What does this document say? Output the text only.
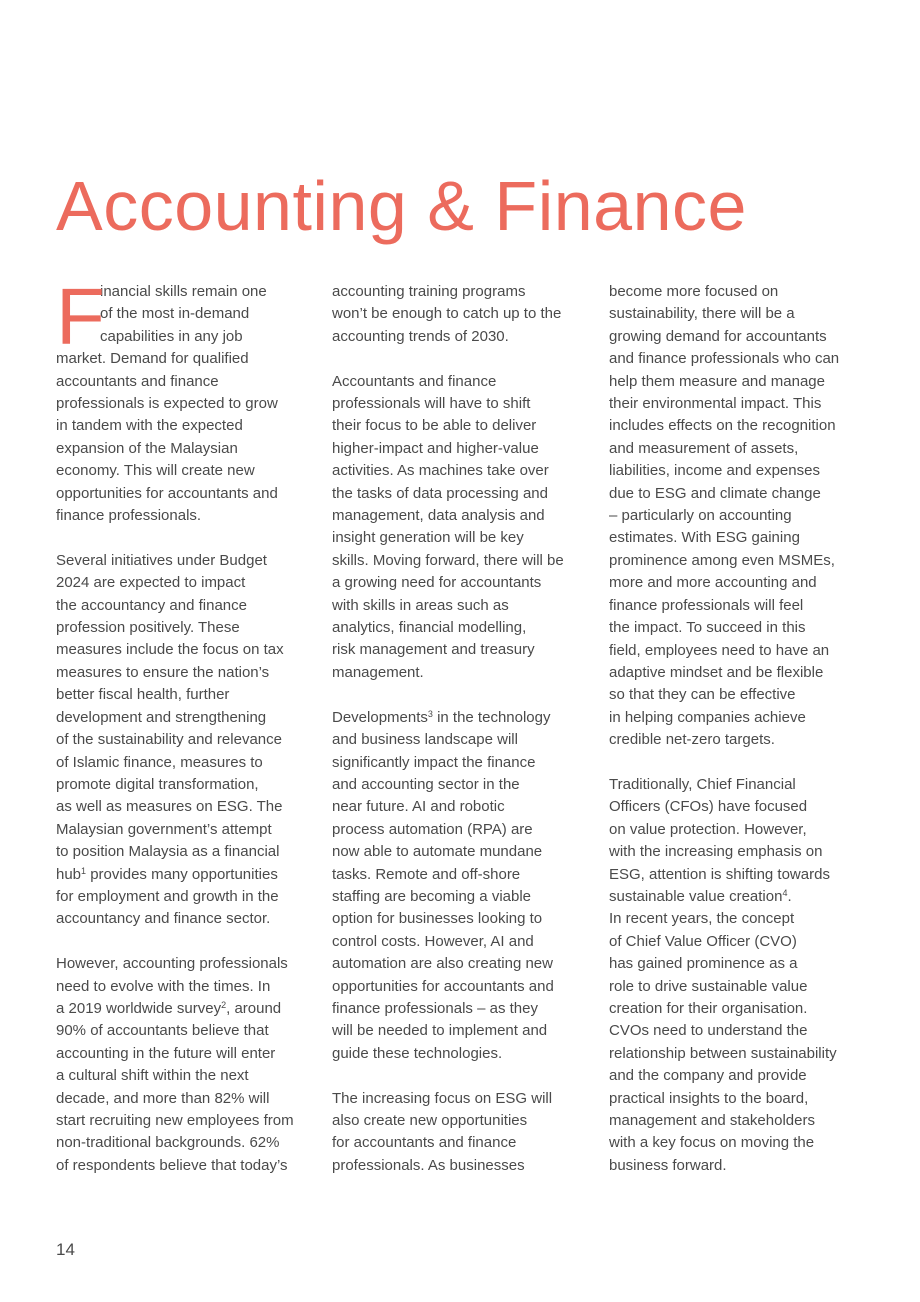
Accounting & Finance

F
inancial skills remain one
of the most in-demand
capabilities in any job
market. Demand for qualified
accountants and finance
professionals is expected to grow
in tandem with the expected
expansion of the Malaysian
economy. This will create new
opportunities for accountants and
finance professionals.

Several initiatives under Budget
2024 are expected to impact
the accountancy and finance
profession positively. These
measures include the focus on tax
measures to ensure the nation’s
better fiscal health, further
development and strengthening
of the sustainability and relevance
of Islamic finance, measures to
promote digital transformation,
as well as measures on ESG. The
Malaysian government’s attempt
to position Malaysia as a financial
hub$^1$ provides many opportunities
for employment and growth in the
accountancy and finance sector.

However, accounting professionals
need to evolve with the times. In
a 2019 worldwide survey$^2$, around
90% of accountants believe that
accounting in the future will enter
a cultural shift within the next
decade, and more than 82% will
start recruiting new employees from
non-traditional backgrounds. 62%
of respondents believe that today’s

accounting training programs
won’t be enough to catch up to the
accounting trends of 2030.

Accountants and finance
professionals will have to shift
their focus to be able to deliver
higher-impact and higher-value
activities. As machines take over
the tasks of data processing and
management, data analysis and
insight generation will be key
skills. Moving forward, there will be
a growing need for accountants
with skills in areas such as
analytics, financial modelling,
risk management and treasury
management.

Developments$^3$ in the technology
and business landscape will
significantly impact the finance
and accounting sector in the
near future. AI and robotic
process automation (RPA) are
now able to automate mundane
tasks. Remote and off-shore
staffing are becoming a viable
option for businesses looking to
control costs. However, AI and
automation are also creating new
opportunities for accountants and
finance professionals – as they
will be needed to implement and
guide these technologies.

The increasing focus on ESG will
also create new opportunities
for accountants and finance
professionals. As businesses

become more focused on
sustainability, there will be a
growing demand for accountants
and finance professionals who can
help them measure and manage
their environmental impact. This
includes effects on the recognition
and measurement of assets,
liabilities, income and expenses
due to ESG and climate change
– particularly on accounting
estimates. With ESG gaining
prominence among even MSMEs,
more and more accounting and
finance professionals will feel
the impact. To succeed in this
field, employees need to have an
adaptive mindset and be flexible
so that they can be effective
in helping companies achieve
credible net-zero targets.

Traditionally, Chief Financial
Officers (CFOs) have focused
on value protection. However,
with the increasing emphasis on
ESG, attention is shifting towards
sustainable value creation$^4$.
In recent years, the concept
of Chief Value Officer (CVO)
has gained prominence as a
role to drive sustainable value
creation for their organisation.
CVOs need to understand the
relationship between sustainability
and the company and provide
practical insights to the board,
management and stakeholders
with a key focus on moving the
business forward.

14
